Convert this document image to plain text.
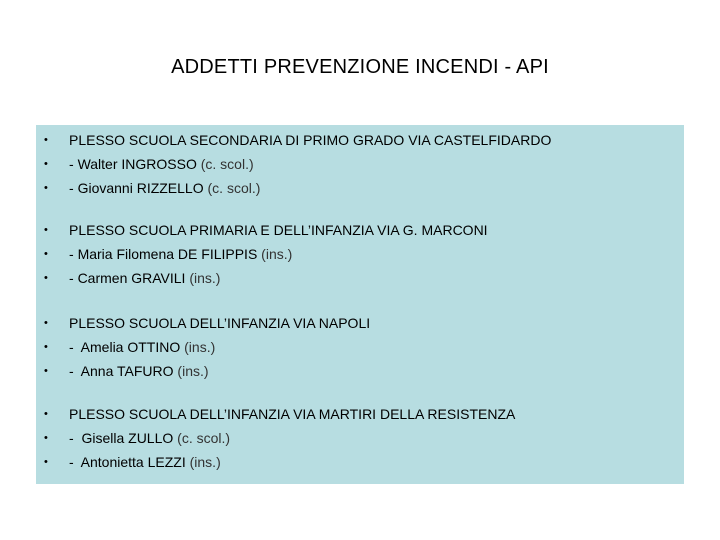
ADDETTI PREVENZIONE INCENDI - API
• PLESSO SCUOLA SECONDARIA DI PRIMO GRADO VIA CASTELFIDARDO
• - Walter INGROSSO (c. scol.)
• - Giovanni RIZZELLO (c. scol.)
• PLESSO SCUOLA PRIMARIA E DELL’INFANZIA VIA G. MARCONI
• - Maria Filomena DE FILIPPIS (ins.)
• - Carmen GRAVILI (ins.)
• PLESSO SCUOLA DELL’INFANZIA VIA NAPOLI
• -  Amelia OTTINO (ins.)
• -  Anna TAFURO (ins.)
• PLESSO SCUOLA DELL’INFANZIA VIA MARTIRI DELLA RESISTENZA
• -  Gisella ZULLO (c. scol.)
• -  Antonietta LEZZI (ins.)
